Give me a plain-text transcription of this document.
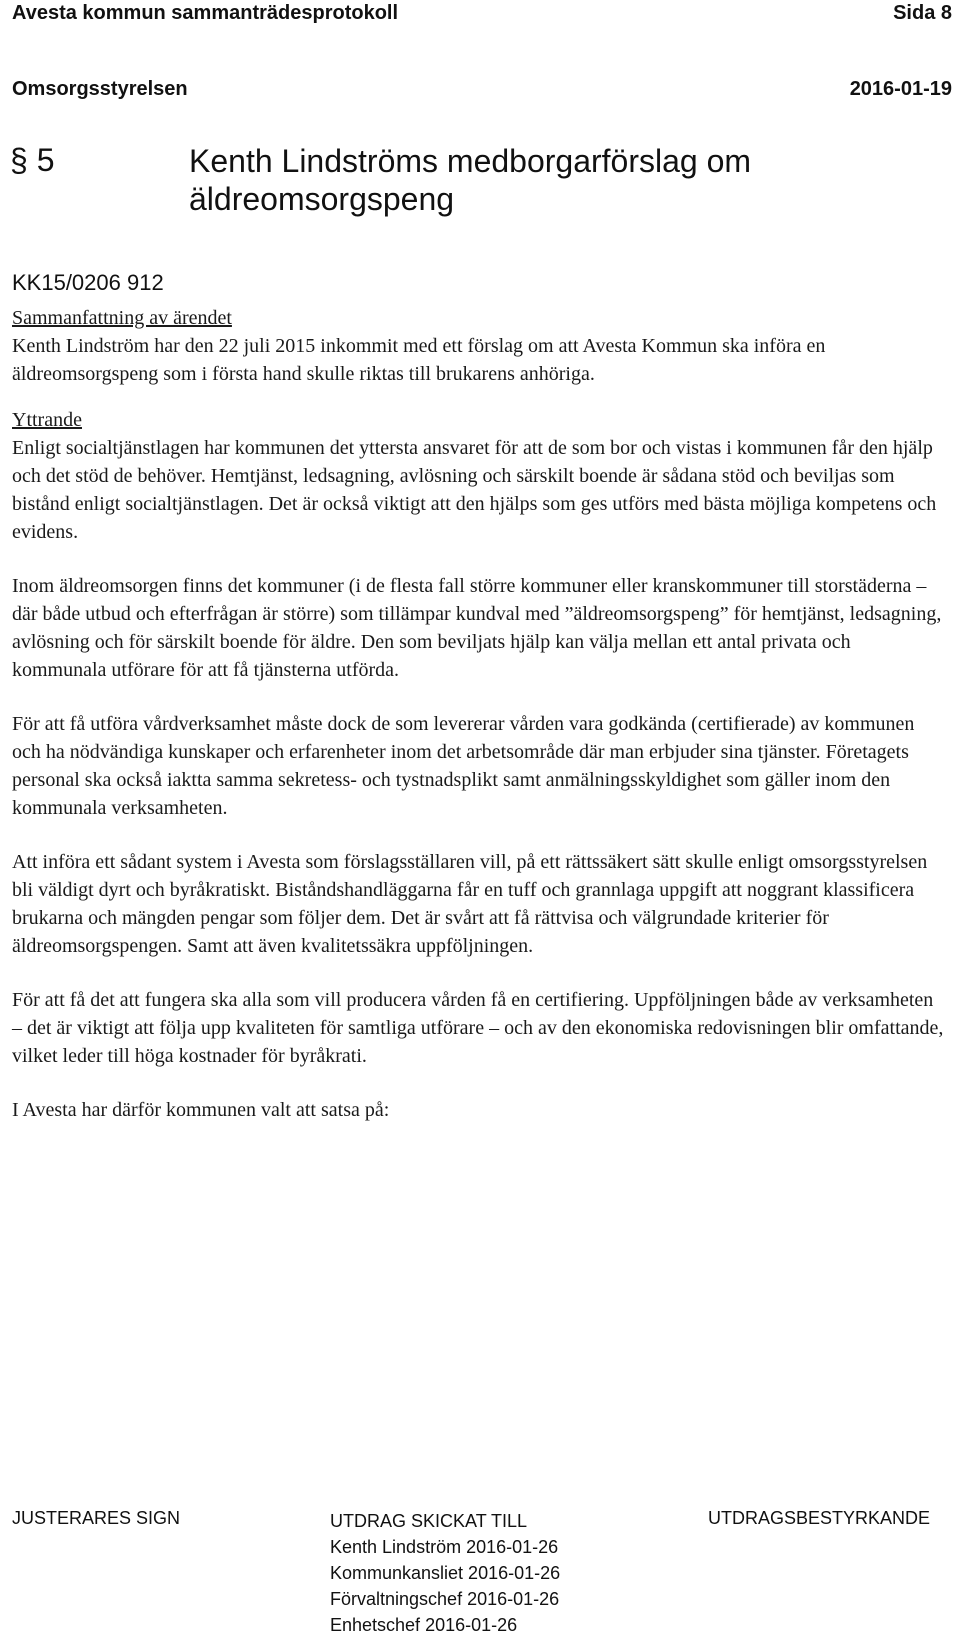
Avesta kommun sammanträdesprotokoll	Sida 8
Omsorgsstyrelsen	2016-01-19
§ 5	Kenth Lindströms medborgarförslag om äldreomsorgspeng
KK15/0206 912

Sammanfattning av ärendet
Kenth Lindström har den 22 juli 2015 inkommit med ett förslag om att Avesta Kommun ska införa en äldreomsorgspeng som i första hand skulle riktas till brukarens anhöriga.

Yttrande
Enligt socialtjänstlagen har kommunen det yttersta ansvaret för att de som bor och vistas i kommunen får den hjälp och det stöd de behöver. Hemtjänst, ledsagning, avlösning och särskilt boende är sådana stöd och beviljas som bistånd enligt socialtjänstlagen. Det är också viktigt att den hjälps som ges utförs med bästa möjliga kompetens och evidens.

Inom äldreomsorgen finns det kommuner (i de flesta fall större kommuner eller kranskommuner till storstäderna – där både utbud och efterfrågan är större) som tillämpar kundval med ”äldreomsorgspeng” för hemtjänst, ledsagning, avlösning och för särskilt boende för äldre. Den som beviljats hjälp kan välja mellan ett antal privata och kommunala utförare för att få tjänsterna utförda.

För att få utföra vårdverksamhet måste dock de som levererar vården vara godkända (certifierade) av kommunen och ha nödvändiga kunskaper och erfarenheter inom det arbetsområde där man erbjuder sina tjänster. Företagets personal ska också iaktta samma sekretess- och tystnadsplikt samt anmälningsskyldighet som gäller inom den kommunala verksamheten.

Att införa ett sådant system i Avesta som förslagsställaren vill, på ett rättssäkert sätt skulle enligt omsorgsstyrelsen bli väldigt dyrt och byråkratiskt. Biståndshandläggarna får en tuff och grannlaga uppgift att noggrant klassificera brukarna och mängden pengar som följer dem. Det är svårt att få rättvisa och välgrundade kriterier för äldreomsorgspengen. Samt att även kvalitetssäkra uppföljningen.

För att få det att fungera ska alla som vill producera vården få en certifiering. Uppföljningen både av verksamheten – det är viktigt att följa upp kvaliteten för samtliga utförare – och av den ekonomiska redovisningen blir omfattande, vilket leder till höga kostnader för byråkrati.

I Avesta har därför kommunen valt att satsa på:

JUSTERARES SIGN	UTDRAG SKICKAT TILL
Kenth Lindström 2016-01-26
Kommunkansliet 2016-01-26
Förvaltningschef 2016-01-26
Enhetschef 2016-01-26
UTDRAGSBESTYRKANDE
